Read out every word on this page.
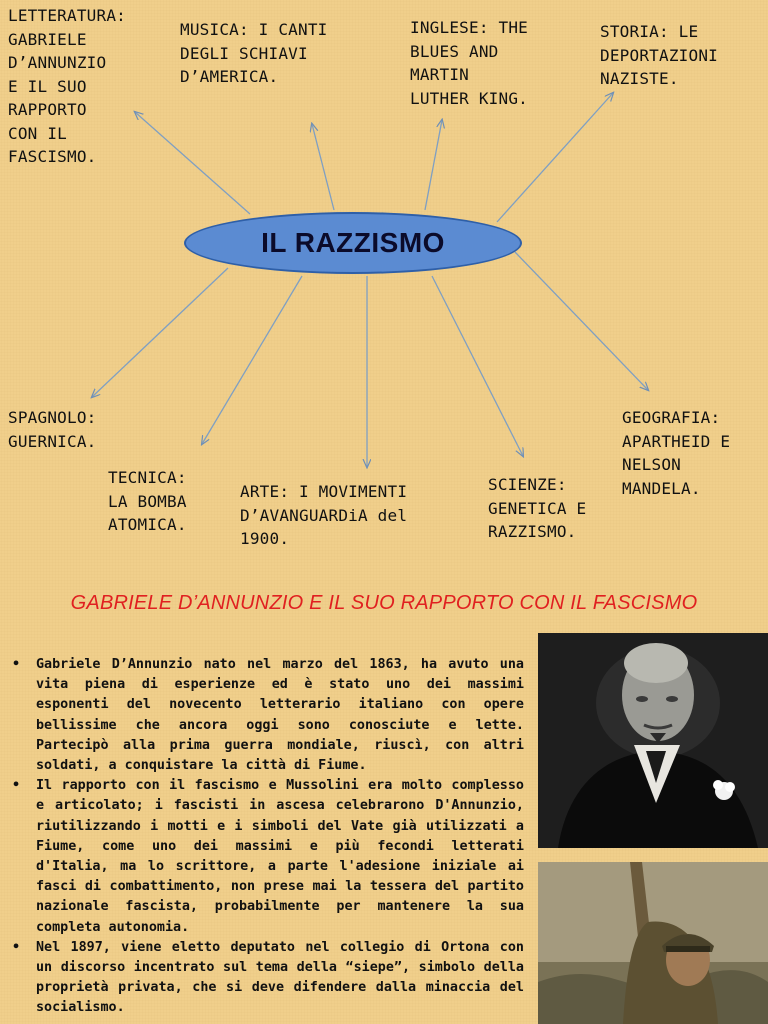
IL RAZZISMO
LETTERATURA:
GABRIELE
D’ANNUNZIO
E IL SUO
RAPPORTO
CON IL
FASCISMO.
MUSICA: I CANTI
DEGLI SCHIAVI
D’AMERICA.
INGLESE: THE
BLUES AND
MARTIN
LUTHER KING.
STORIA: LE
DEPORTAZIONI
NAZISTE.
SPAGNOLO:
GUERNICA.
TECNICA:
LA BOMBA
ATOMICA.
ARTE: I MOVIMENTI
D’AVANGUARDiA del
1900.
SCIENZE:
GENETICA E
RAZZISMO.
GEOGRAFIA:
APARTHEID E
NELSON
MANDELA.
GABRIELE D’ANNUNZIO E IL SUO RAPPORTO CON IL FASCISMO
• Gabriele D’Annunzio nato nel marzo del 1863, ha avuto una vita piena di esperienze ed è stato uno dei massimi esponenti del novecento letterario italiano con opere bellissime che ancora oggi sono conosciute e lette. Partecipò alla prima guerra mondiale, riuscì, con altri soldati, a conquistare la città di Fiume.
• Il rapporto con il fascismo e Mussolini era molto complesso e articolato; i fascisti in ascesa celebrarono D'Annunzio, riutilizzando i motti e i simboli del Vate già utilizzati a Fiume, come uno dei massimi e più fecondi letterati d'Italia, ma lo scrittore, a parte l'adesione iniziale ai fasci di combattimento, non prese mai la tessera del partito nazionale fascista, probabilmente per mantenere la sua completa autonomia.
• Nel 1897, viene eletto deputato nel collegio di Ortona con un discorso incentrato sul tema della “siepe”, simbolo della proprietà privata, che si deve difendere dalla minaccia del socialismo.
